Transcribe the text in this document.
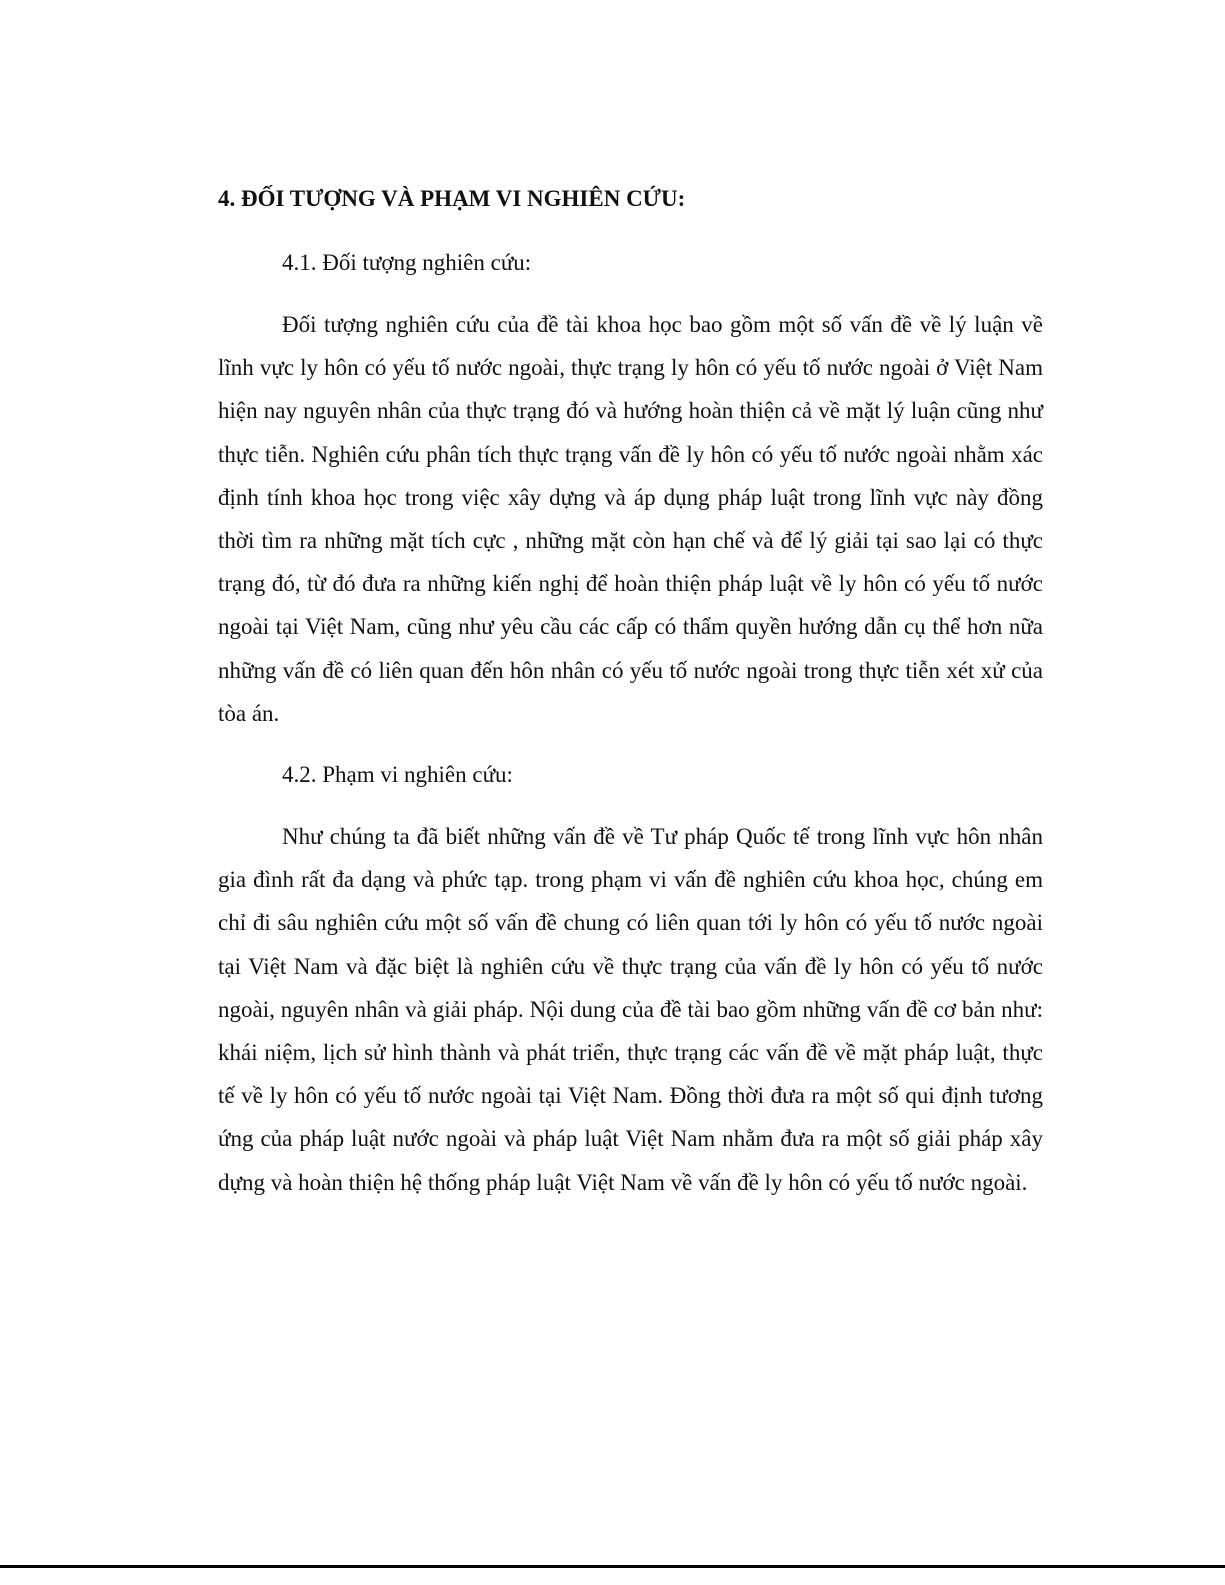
4. ĐỐI TƯỢNG VÀ PHẠM VI NGHIÊN CỨU:
4.1. Đối tượng nghiên cứu:

Đối tượng nghiên cứu của đề tài khoa học bao gồm một số vấn đề về lý luận về lĩnh vực ly hôn có yếu tố nước ngoài, thực trạng ly hôn có yếu tố nước ngoài ở Việt Nam hiện nay nguyên nhân của thực trạng đó và hướng hoàn thiện cả về mặt lý luận cũng như thực tiễn. Nghiên cứu phân tích thực trạng vấn đề ly hôn có yếu tố nước ngoài nhằm xác định tính khoa học trong việc xây dựng và áp dụng pháp luật trong lĩnh vực này đồng thời tìm ra những mặt tích cực , những mặt còn hạn chế và để lý giải tại sao lại có thực trạng đó, từ đó đưa ra những kiến nghị để hoàn thiện pháp luật về ly hôn có yếu tố nước ngoài tại Việt Nam, cũng như yêu cầu các cấp có thẩm quyền hướng dẫn cụ thể hơn nữa những vấn đề có liên quan đến hôn nhân có yếu tố nước ngoài trong thực tiễn xét xử của tòa án.

4.2. Phạm vi nghiên cứu:

Như chúng ta đã biết những vấn đề về Tư pháp Quốc tế trong lĩnh vực hôn nhân gia đình rất đa dạng và phức tạp. trong phạm vi vấn đề nghiên cứu khoa học, chúng em chỉ đi sâu nghiên cứu một số vấn đề chung có liên quan tới ly hôn có yếu tố nước ngoài tại Việt Nam và đặc biệt là nghiên cứu về thực trạng của vấn đề ly hôn có yếu tố nước ngoài, nguyên nhân và giải pháp. Nội dung của đề tài bao gồm những vấn đề cơ bản như: khái niệm, lịch sử hình thành và phát triển, thực trạng các vấn đề về mặt pháp luật, thực tế về ly hôn có yếu tố nước ngoài tại Việt Nam. Đồng thời đưa ra một số qui định tương ứng của pháp luật nước ngoài và pháp luật Việt Nam nhằm đưa ra một số giải pháp xây dựng và hoàn thiện hệ thống pháp luật Việt Nam về vấn đề ly hôn có yếu tố nước ngoài.
